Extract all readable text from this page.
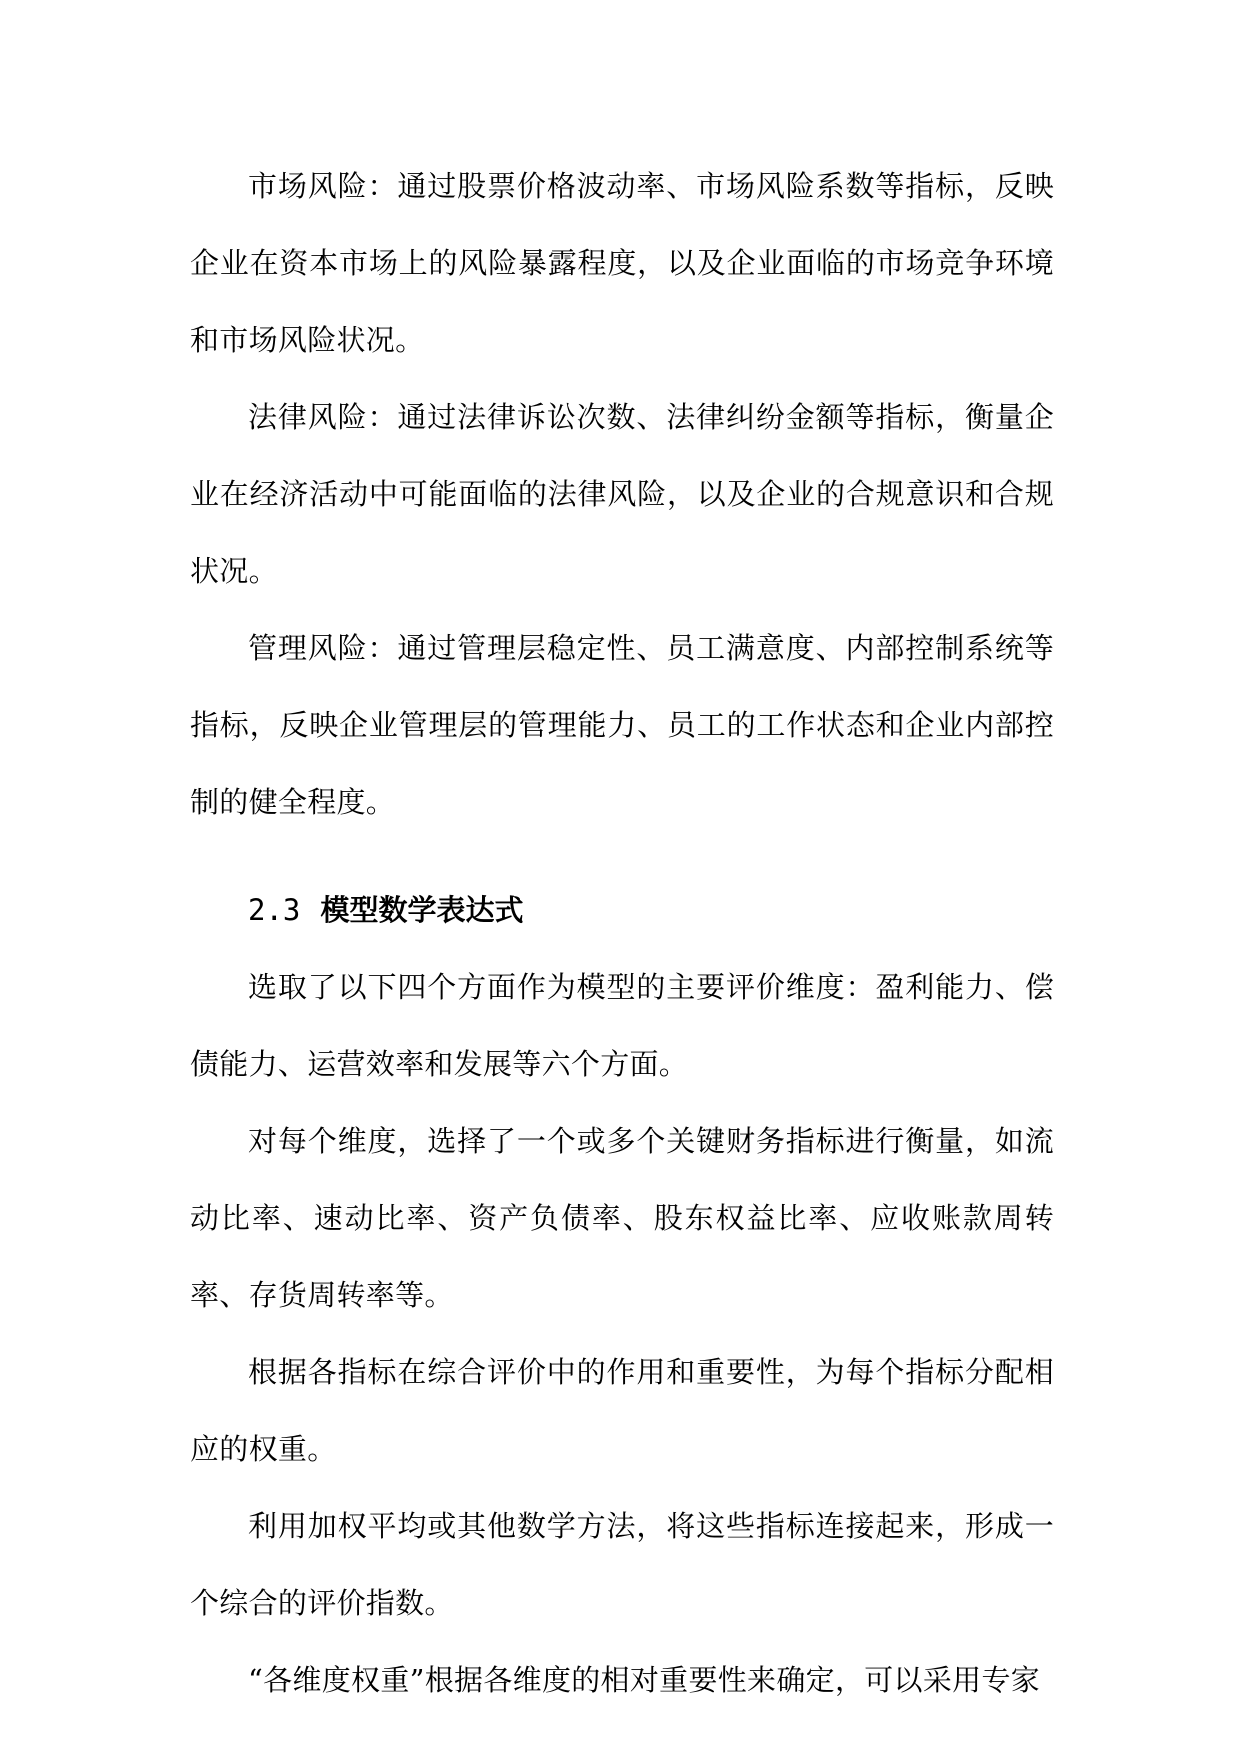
市场风险：通过股票价格波动率、市场风险系数等指标，反映企业在资本市场上的风险暴露程度，以及企业面临的市场竞争环境和市场风险状况。

法律风险：通过法律诉讼次数、法律纠纷金额等指标，衡量企业在经济活动中可能面临的法律风险，以及企业的合规意识和合规状况。

管理风险：通过管理层稳定性、员工满意度、内部控制系统等指标，反映企业管理层的管理能力、员工的工作状态和企业内部控制的健全程度。

2.3 模型数学表达式

选取了以下四个方面作为模型的主要评价维度：盈利能力、偿债能力、运营效率和发展等六个方面。

对每个维度，选择了一个或多个关键财务指标进行衡量，如流动比率、速动比率、资产负债率、股东权益比率、应收账款周转率、存货周转率等。

根据各指标在综合评价中的作用和重要性，为每个指标分配相应的权重。

利用加权平均或其他数学方法，将这些指标连接起来，形成一个综合的评价指数。

“各维度权重”根据各维度的相对重要性来确定，可以采用专家
